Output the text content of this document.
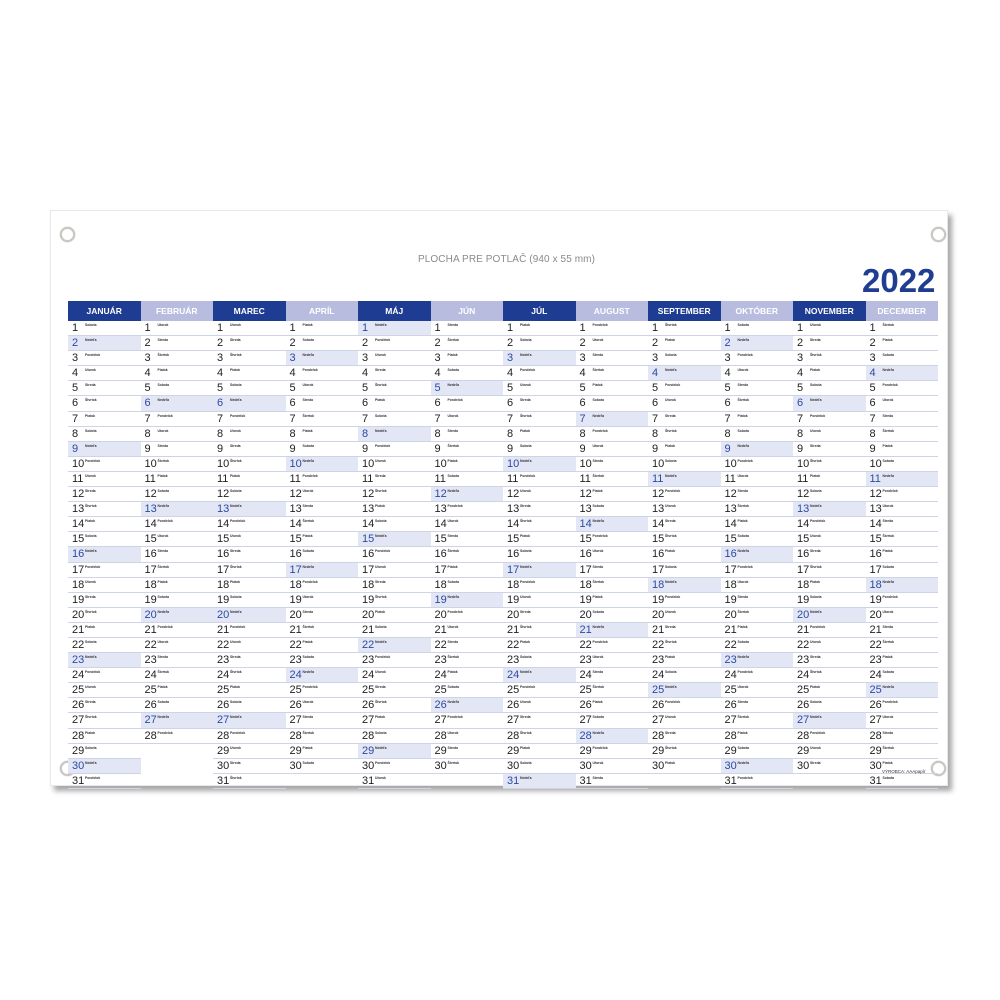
PLOCHA PRE POTLAČ (940 x 55 mm)
2022
JANUÁR
1 Sobota
2 Nedeľa
3 Pondelok
4 Utorok
5 Streda
6 Štvrtok
7 Piatok
8 Sobota
9 Nedeľa
10 Pondelok
11 Utorok
12 Streda
13 Štvrtok
14 Piatok
15 Sobota
16 Nedeľa
17 Pondelok
18 Utorok
19 Streda
20 Štvrtok
21 Piatok
22 Sobota
23 Nedeľa
24 Pondelok
25 Utorok
26 Streda
27 Štvrtok
28 Piatok
29 Sobota
30 Nedeľa
31 Pondelok
FEBRUÁR
1 Utorok
2 Streda
3 Štvrtok
4 Piatok
5 Sobota
6 Nedeľa
7 Pondelok
8 Utorok
9 Streda
10 Štvrtok
11 Piatok
12 Sobota
13 Nedeľa
14 Pondelok
15 Utorok
16 Streda
17 Štvrtok
18 Piatok
19 Sobota
20 Nedeľa
21 Pondelok
22 Utorok
23 Streda
24 Štvrtok
25 Piatok
26 Sobota
27 Nedeľa
28 Pondelok
MAREC
1 Utorok
2 Streda
3 Štvrtok
4 Piatok
5 Sobota
6 Nedeľa
7 Pondelok
8 Utorok
9 Streda
10 Štvrtok
11 Piatok
12 Sobota
13 Nedeľa
14 Pondelok
15 Utorok
16 Streda
17 Štvrtok
18 Piatok
19 Sobota
20 Nedeľa
21 Pondelok
22 Utorok
23 Streda
24 Štvrtok
25 Piatok
26 Sobota
27 Nedeľa
28 Pondelok
29 Utorok
30 Streda
31 Štvrtok
APRÍL
1 Piatok
2 Sobota
3 Nedeľa
4 Pondelok
5 Utorok
6 Streda
7 Štvrtok
8 Piatok
9 Sobota
10 Nedeľa
11 Pondelok
12 Utorok
13 Streda
14 Štvrtok
15 Piatok
16 Sobota
17 Nedeľa
18 Pondelok
19 Utorok
20 Streda
21 Štvrtok
22 Piatok
23 Sobota
24 Nedeľa
25 Pondelok
26 Utorok
27 Streda
28 Štvrtok
29 Piatok
30 Sobota
MÁJ
1 Nedeľa
2 Pondelok
3 Utorok
4 Streda
5 Štvrtok
6 Piatok
7 Sobota
8 Nedeľa
9 Pondelok
10 Utorok
11 Streda
12 Štvrtok
13 Piatok
14 Sobota
15 Nedeľa
16 Pondelok
17 Utorok
18 Streda
19 Štvrtok
20 Piatok
21 Sobota
22 Nedeľa
23 Pondelok
24 Utorok
25 Streda
26 Štvrtok
27 Piatok
28 Sobota
29 Nedeľa
30 Pondelok
31 Utorok
JÚN
1 Streda
2 Štvrtok
3 Piatok
4 Sobota
5 Nedeľa
6 Pondelok
7 Utorok
8 Streda
9 Štvrtok
10 Piatok
11 Sobota
12 Nedeľa
13 Pondelok
14 Utorok
15 Streda
16 Štvrtok
17 Piatok
18 Sobota
19 Nedeľa
20 Pondelok
21 Utorok
22 Streda
23 Štvrtok
24 Piatok
25 Sobota
26 Nedeľa
27 Pondelok
28 Utorok
29 Streda
30 Štvrtok
JÚL
1 Piatok
2 Sobota
3 Nedeľa
4 Pondelok
5 Utorok
6 Streda
7 Štvrtok
8 Piatok
9 Sobota
10 Nedeľa
11 Pondelok
12 Utorok
13 Streda
14 Štvrtok
15 Piatok
16 Sobota
17 Nedeľa
18 Pondelok
19 Utorok
20 Streda
21 Štvrtok
22 Piatok
23 Sobota
24 Nedeľa
25 Pondelok
26 Utorok
27 Streda
28 Štvrtok
29 Piatok
30 Sobota
31 Nedeľa
AUGUST
1 Pondelok
2 Utorok
3 Streda
4 Štvrtok
5 Piatok
6 Sobota
7 Nedeľa
8 Pondelok
9 Utorok
10 Streda
11 Štvrtok
12 Piatok
13 Sobota
14 Nedeľa
15 Pondelok
16 Utorok
17 Streda
18 Štvrtok
19 Piatok
20 Sobota
21 Nedeľa
22 Pondelok
23 Utorok
24 Streda
25 Štvrtok
26 Piatok
27 Sobota
28 Nedeľa
29 Pondelok
30 Utorok
31 Streda
SEPTEMBER
1 Štvrtok
2 Piatok
3 Sobota
4 Nedeľa
5 Pondelok
6 Utorok
7 Streda
8 Štvrtok
9 Piatok
10 Sobota
11 Nedeľa
12 Pondelok
13 Utorok
14 Streda
15 Štvrtok
16 Piatok
17 Sobota
18 Nedeľa
19 Pondelok
20 Utorok
21 Streda
22 Štvrtok
23 Piatok
24 Sobota
25 Nedeľa
26 Pondelok
27 Utorok
28 Streda
29 Štvrtok
30 Piatok
OKTÓBER
1 Sobota
2 Nedeľa
3 Pondelok
4 Utorok
5 Streda
6 Štvrtok
7 Piatok
8 Sobota
9 Nedeľa
10 Pondelok
11 Utorok
12 Streda
13 Štvrtok
14 Piatok
15 Sobota
16 Nedeľa
17 Pondelok
18 Utorok
19 Streda
20 Štvrtok
21 Piatok
22 Sobota
23 Nedeľa
24 Pondelok
25 Utorok
26 Streda
27 Štvrtok
28 Piatok
29 Sobota
30 Nedeľa
31 Pondelok
NOVEMBER
1 Utorok
2 Streda
3 Štvrtok
4 Piatok
5 Sobota
6 Nedeľa
7 Pondelok
8 Utorok
9 Streda
10 Štvrtok
11 Piatok
12 Sobota
13 Nedeľa
14 Pondelok
15 Utorok
16 Streda
17 Štvrtok
18 Piatok
19 Sobota
20 Nedeľa
21 Pondelok
22 Utorok
23 Streda
24 Štvrtok
25 Piatok
26 Sobota
27 Nedeľa
28 Pondelok
29 Utorok
30 Streda
DECEMBER
1 Štvrtok
2 Piatok
3 Sobota
4 Nedeľa
5 Pondelok
6 Utorok
7 Streda
8 Štvrtok
9 Piatok
10 Sobota
11 Nedeľa
12 Pondelok
13 Utorok
14 Streda
15 Štvrtok
16 Piatok
17 Sobota
18 Nedeľa
19 Pondelok
20 Utorok
21 Streda
22 Štvrtok
23 Piatok
24 Sobota
25 Nedeľa
26 Pondelok
27 Utorok
28 Streda
29 Štvrtok
30 Piatok
31 Sobota
VÝROBCA: AAApapír
